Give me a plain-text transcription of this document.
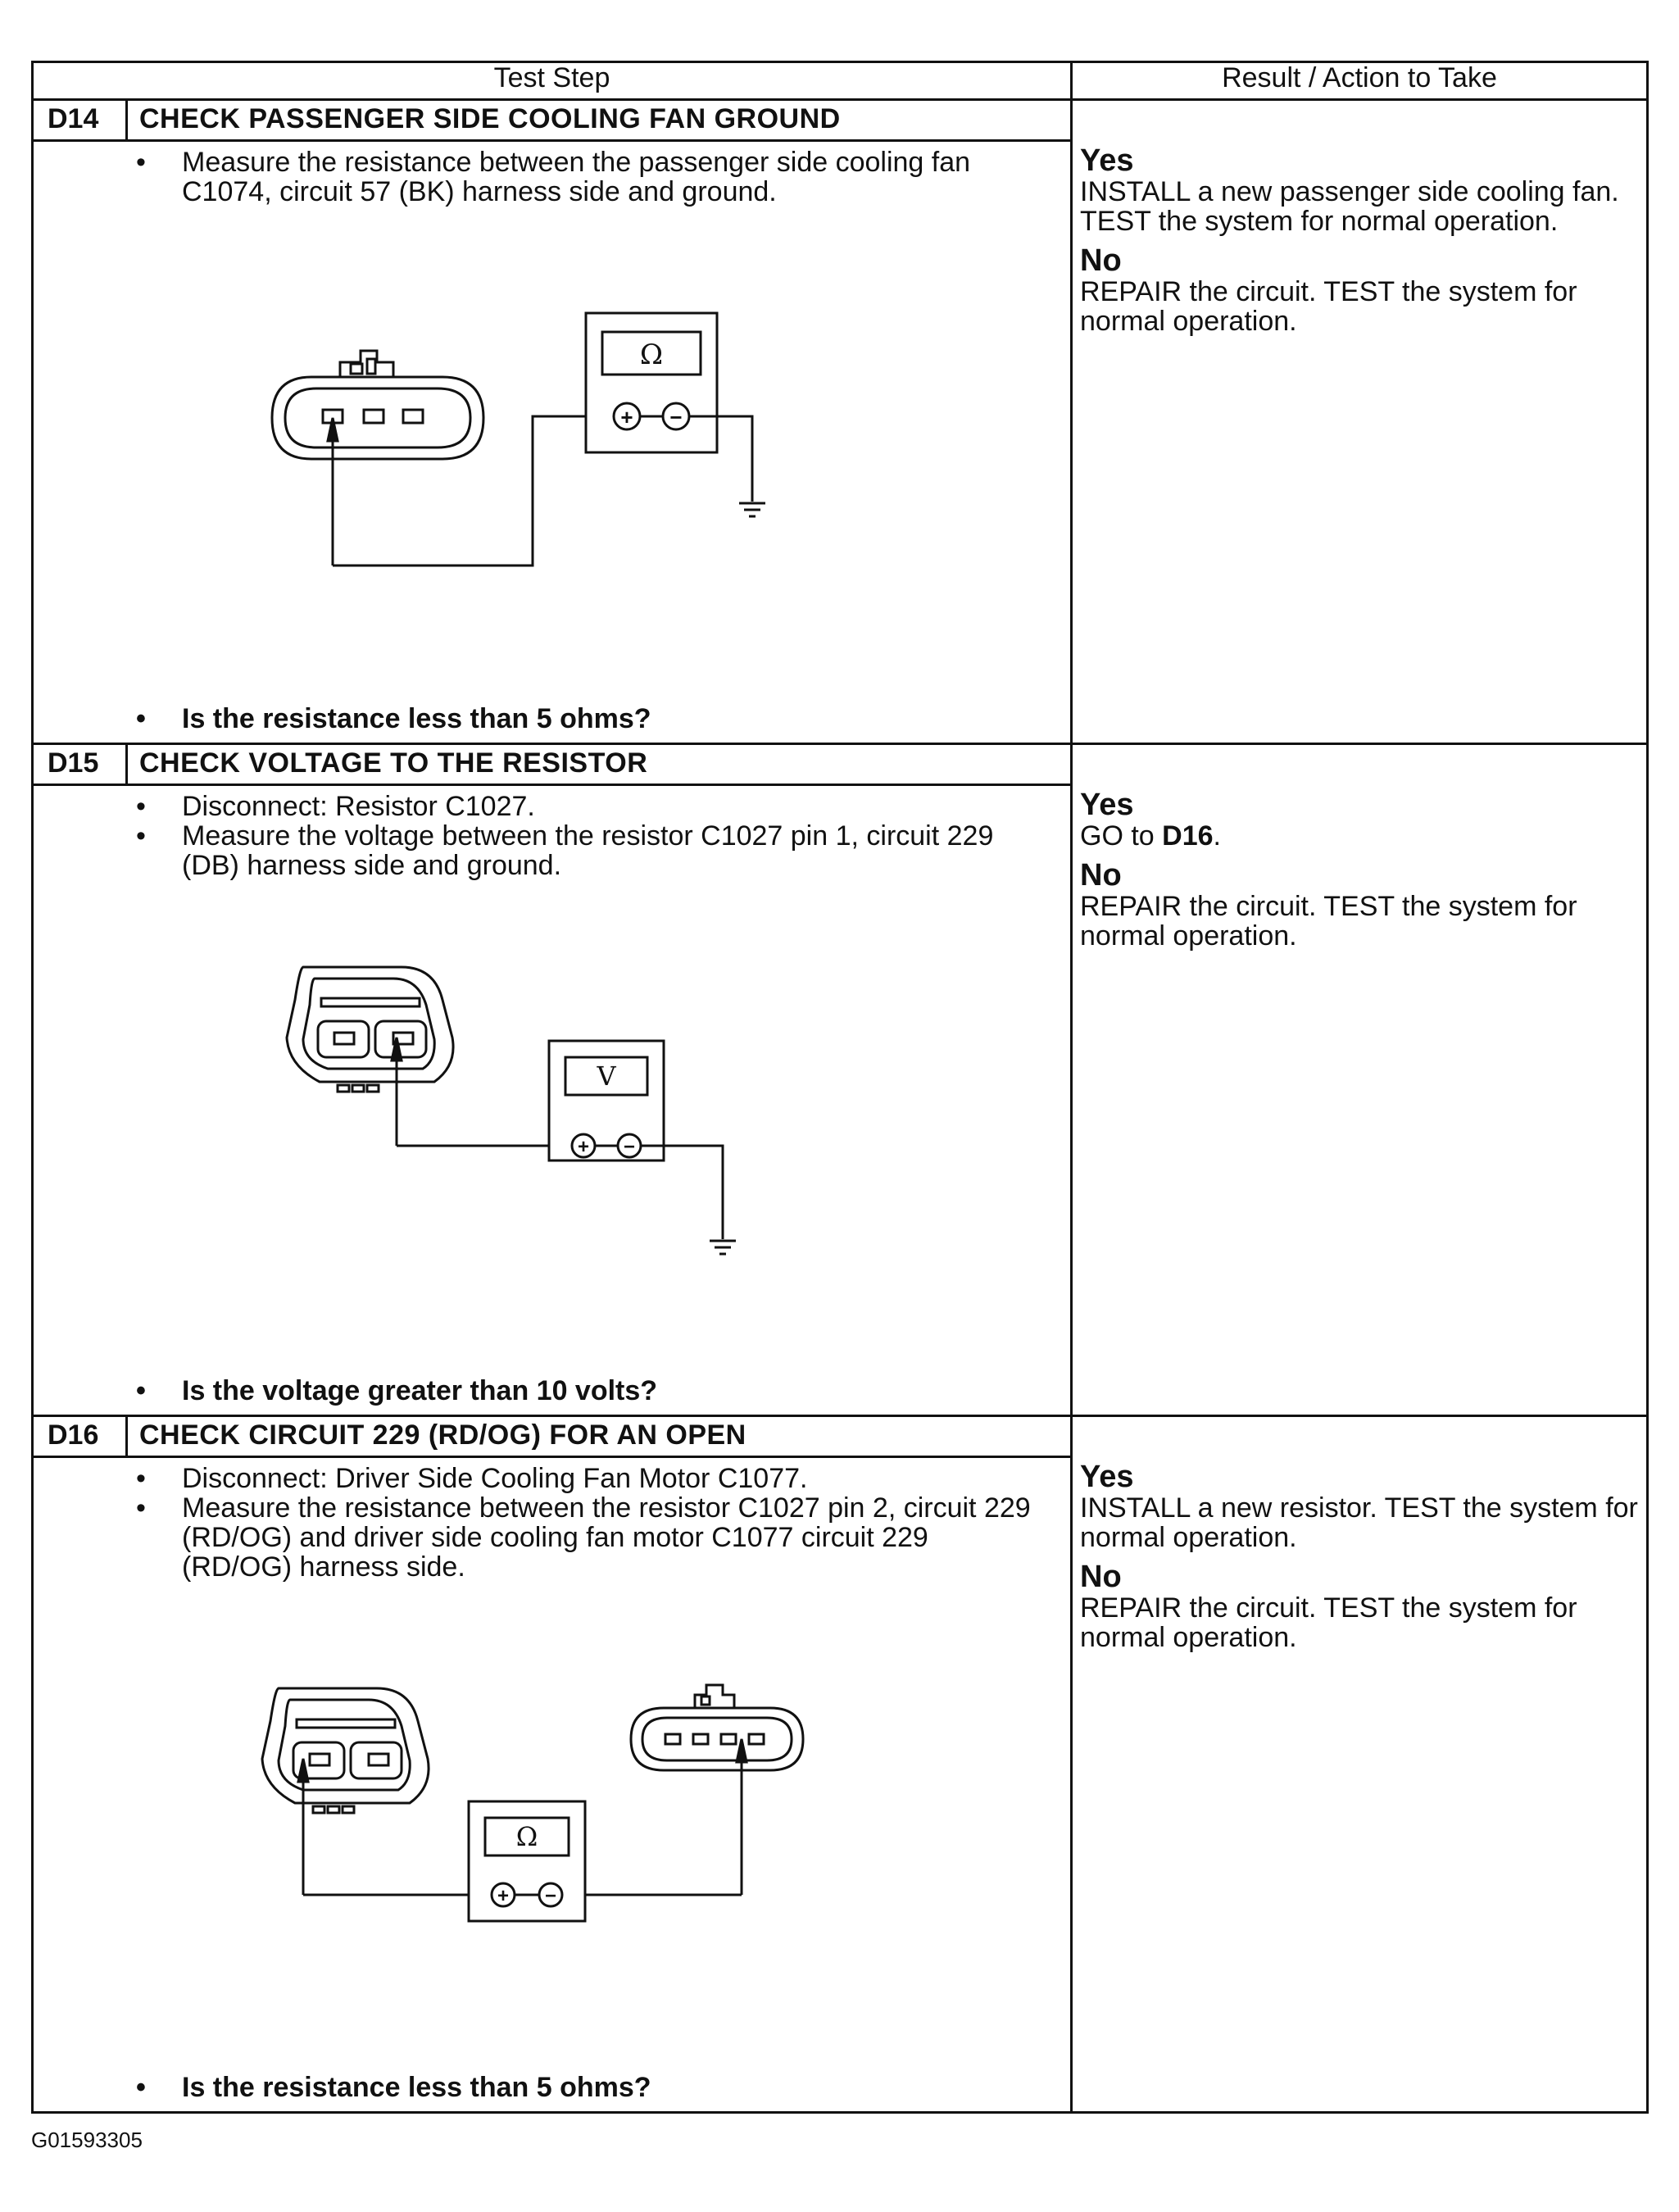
Test Step	Result / Action to Take
D14 CHECK PASSENGER SIDE COOLING FAN GROUND

• Measure the resistance between the passenger side cooling fan C1074, circuit 57 (BK) harness side and ground.

Ω
+ −
• Is the resistance less than 5 ohms?
Yes
INSTALL a new passenger side cooling fan. TEST the system for normal operation.
No
REPAIR the circuit. TEST the system for normal operation.
D15 CHECK VOLTAGE TO THE RESISTOR

• Disconnect: Resistor C1027.

• Measure the voltage between the resistor C1027 pin 1, circuit 229 (DB) harness side and ground.

V
+ −
• Is the voltage greater than 10 volts?
Yes
GO to D16.
No
REPAIR the circuit. TEST the system for normal operation.
D16 CHECK CIRCUIT 229 (RD/OG) FOR AN OPEN

• Disconnect: Driver Side Cooling Fan Motor C1077.

• Measure the resistance between the resistor C1027 pin 2, circuit 229 (RD/OG) and driver side cooling fan motor C1077 circuit 229 (RD/OG) harness side.

Ω
+ −
• Is the resistance less than 5 ohms?
Yes
INSTALL a new resistor. TEST the system for normal operation.
No
REPAIR the circuit. TEST the system for normal operation.
G01593305
